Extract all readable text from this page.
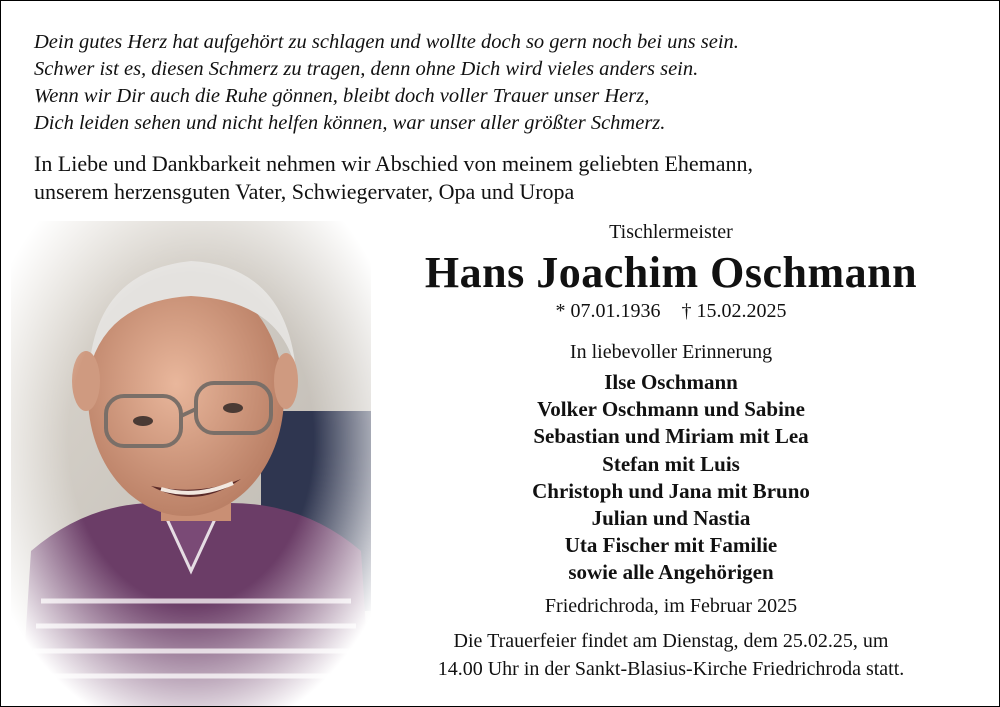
Dein gutes Herz hat aufgehört zu schlagen und wollte doch so gern noch bei uns sein.
Schwer ist es, diesen Schmerz zu tragen, denn ohne Dich wird vieles anders sein.
Wenn wir Dir auch die Ruhe gönnen, bleibt doch voller Trauer unser Herz,
Dich leiden sehen und nicht helfen können, war unser aller größter Schmerz.
In Liebe und Dankbarkeit nehmen wir Abschied von meinem geliebten Ehemann,
unserem herzensguten Vater, Schwiegervater, Opa und Uropa
Tischlermeister
Hans Joachim Oschmann
* 07.01.1936 † 15.02.2025
In liebevoller Erinnerung
Ilse Oschmann
Volker Oschmann und Sabine
Sebastian und Miriam mit Lea
Stefan mit Luis
Christoph und Jana mit Bruno
Julian und Nastia
Uta Fischer mit Familie
sowie alle Angehörigen
Friedrichroda, im Februar 2025
Die Trauerfeier findet am Dienstag, dem 25.02.25, um
14.00 Uhr in der Sankt-Blasius-Kirche Friedrichroda statt.
